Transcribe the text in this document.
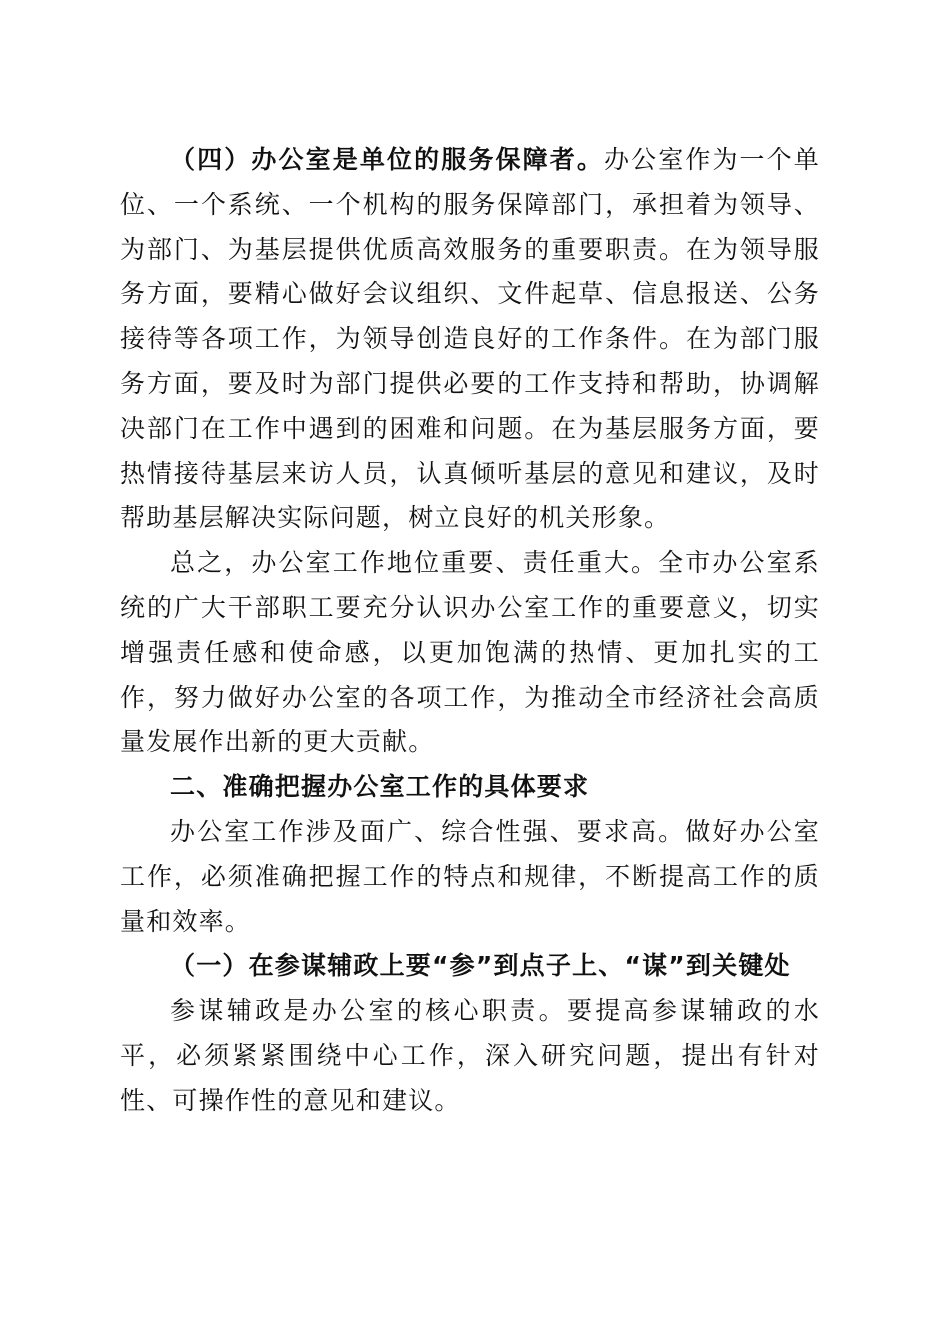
（四）办公室是单位的服务保障者。办公室作为一个单位、一个系统、一个机构的服务保障部门，承担着为领导、为部门、为基层提供优质高效服务的重要职责。在为领导服务方面，要精心做好会议组织、文件起草、信息报送、公务接待等各项工作，为领导创造良好的工作条件。在为部门服务方面，要及时为部门提供必要的工作支持和帮助，协调解决部门在工作中遇到的困难和问题。在为基层服务方面，要热情接待基层来访人员，认真倾听基层的意见和建议，及时帮助基层解决实际问题，树立良好的机关形象。

总之，办公室工作地位重要、责任重大。全市办公室系统的广大干部职工要充分认识办公室工作的重要意义，切实增强责任感和使命感，以更加饱满的热情、更加扎实的工作，努力做好办公室的各项工作，为推动全市经济社会高质量发展作出新的更大贡献。

二、准确把握办公室工作的具体要求

办公室工作涉及面广、综合性强、要求高。做好办公室工作，必须准确把握工作的特点和规律，不断提高工作的质量和效率。

（一）在参谋辅政上要“参”到点子上、“谋”到关键处

参谋辅政是办公室的核心职责。要提高参谋辅政的水平，必须紧紧围绕中心工作，深入研究问题，提出有针对性、可操作性的意见和建议。
